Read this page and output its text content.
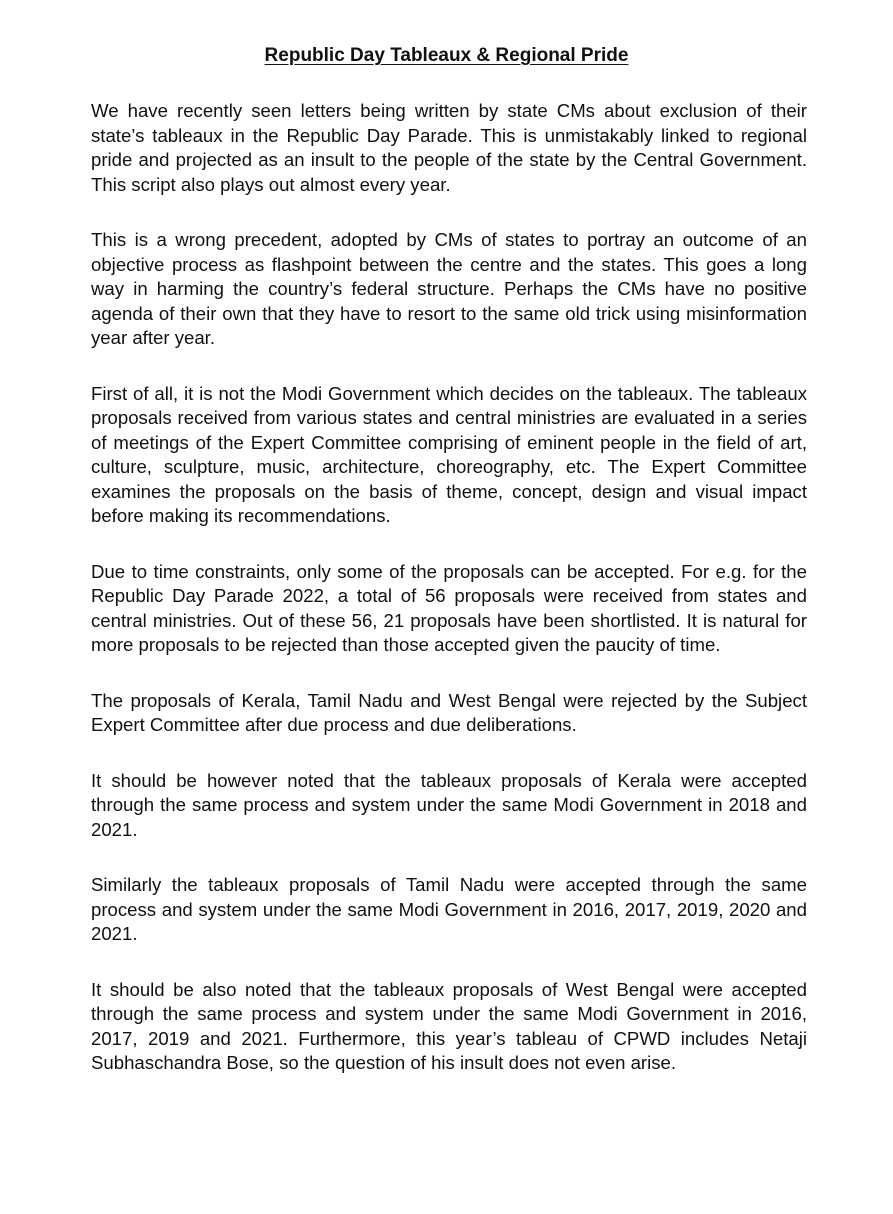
Republic Day Tableaux & Regional Pride

We have recently seen letters being written by state CMs about exclusion of their state’s tableaux in the Republic Day Parade. This is unmistakably linked to regional pride and projected as an insult to the people of the state by the Central Government. This script also plays out almost every year.

This is a wrong precedent, adopted by CMs of states to portray an outcome of an objective process as flashpoint between the centre and the states. This goes a long way in harming the country’s federal structure. Perhaps the CMs have no positive agenda of their own that they have to resort to the same old trick using misinformation year after year.

First of all, it is not the Modi Government which decides on the tableaux. The tableaux proposals received from various states and central ministries are evaluated in a series of meetings of the Expert Committee comprising of eminent people in the field of art, culture, sculpture, music, architecture, choreography, etc. The Expert Committee examines the proposals on the basis of theme, concept, design and visual impact before making its recommendations.

Due to time constraints, only some of the proposals can be accepted. For e.g. for the Republic Day Parade 2022, a total of 56 proposals were received from states and central ministries. Out of these 56, 21 proposals have been shortlisted. It is natural for more proposals to be rejected than those accepted given the paucity of time.

The proposals of Kerala, Tamil Nadu and West Bengal were rejected by the Subject Expert Committee after due process and due deliberations.

It should be however noted that the tableaux proposals of Kerala were accepted through the same process and system under the same Modi Government in 2018 and 2021.

Similarly the tableaux proposals of Tamil Nadu were accepted through the same process and system under the same Modi Government in 2016, 2017, 2019, 2020 and 2021.

It should be also noted that the tableaux proposals of West Bengal were accepted through the same process and system under the same Modi Government in 2016, 2017, 2019 and 2021. Furthermore, this year’s tableau of CPWD includes Netaji Subhaschandra Bose, so the question of his insult does not even arise.
